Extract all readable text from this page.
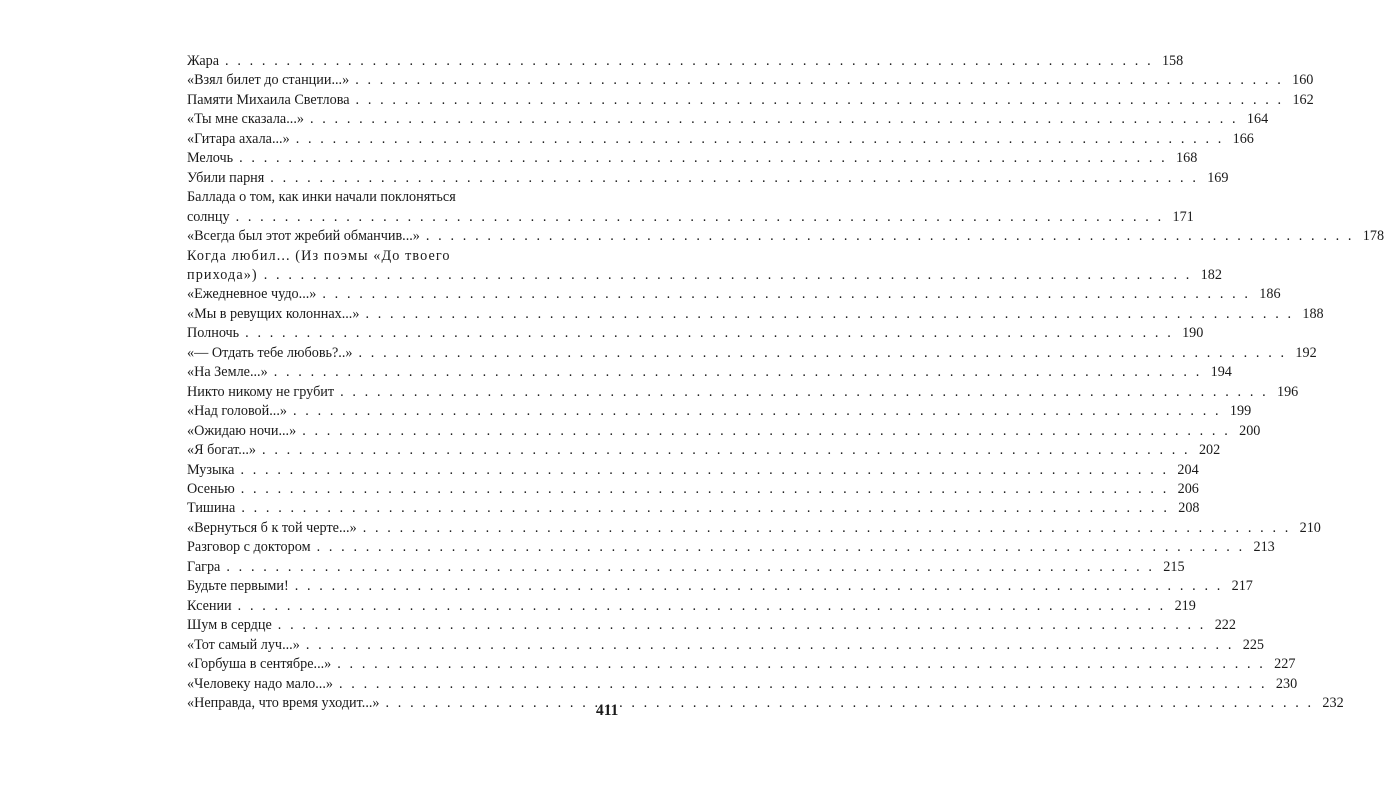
Жара . . .	158
«Взял билет до станции...» . . .	160
Памяти Михаила Светлова . . .	162
«Ты мне сказала...» . . .	164
«Гитара ахала...» . . .	166
Мелочь . . .	168
Убили парня . . .	169
Баллада о том, как инки начали поклоняться
солнцу . . .	171
«Всегда был этот жребий обманчив...» . . .	178
Когда любил... (Из поэмы «До твоего
прихода») . . .	182
«Ежедневное чудо...» . . .	186
«Мы в ревущих колоннах...» . . .	188
Полночь . . .	190
«— Отдать тебе любовь?..» . . .	192
«На Земле...» . . .	194
Никто никому не грубит . . .	196
«Над головой...» . . .	199
«Ожидаю ночи...» . . .	200
«Я богат...» . . .	202
Музыка . . .	204
Осенью . . .	206
Тишина . . .	208
«Вернуться б к той черте...» . . .	210
Разговор с доктором . . .	213
Гагра . . .	215
Будьте первыми! . . .	217
Ксении . . .	219
Шум в сердце . . .	222
«Тот самый луч...» . . .	225
«Горбуша в сентябре...» . . .	227
«Человеку надо мало...» . . .	230
«Неправда, что время уходит...» . . .	232
411
